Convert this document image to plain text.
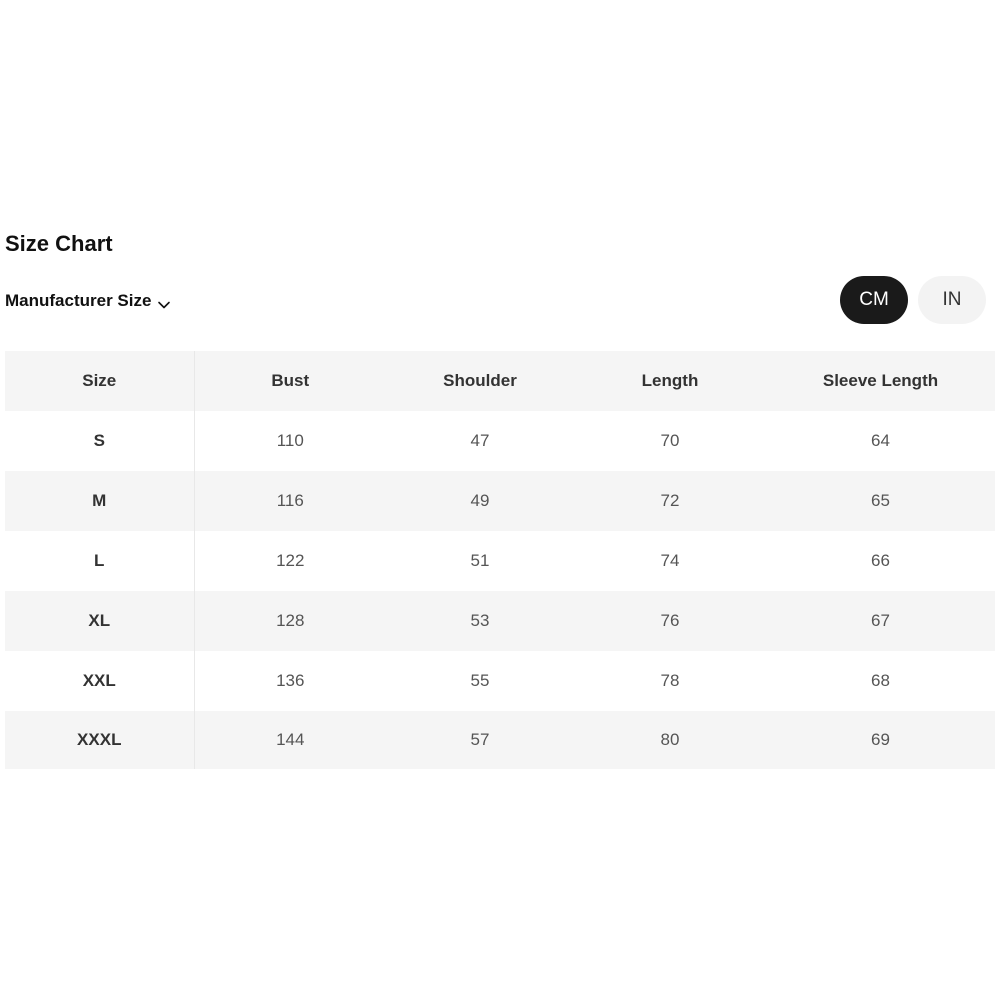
Size Chart
Manufacturer Size	CM	IN
Size	Bust	Shoulder	Length	Sleeve Length
S	110	47	70	64
M	116	49	72	65
L	122	51	74	66
XL	128	53	76	67
XXL	136	55	78	68
XXXL	144	57	80	69
